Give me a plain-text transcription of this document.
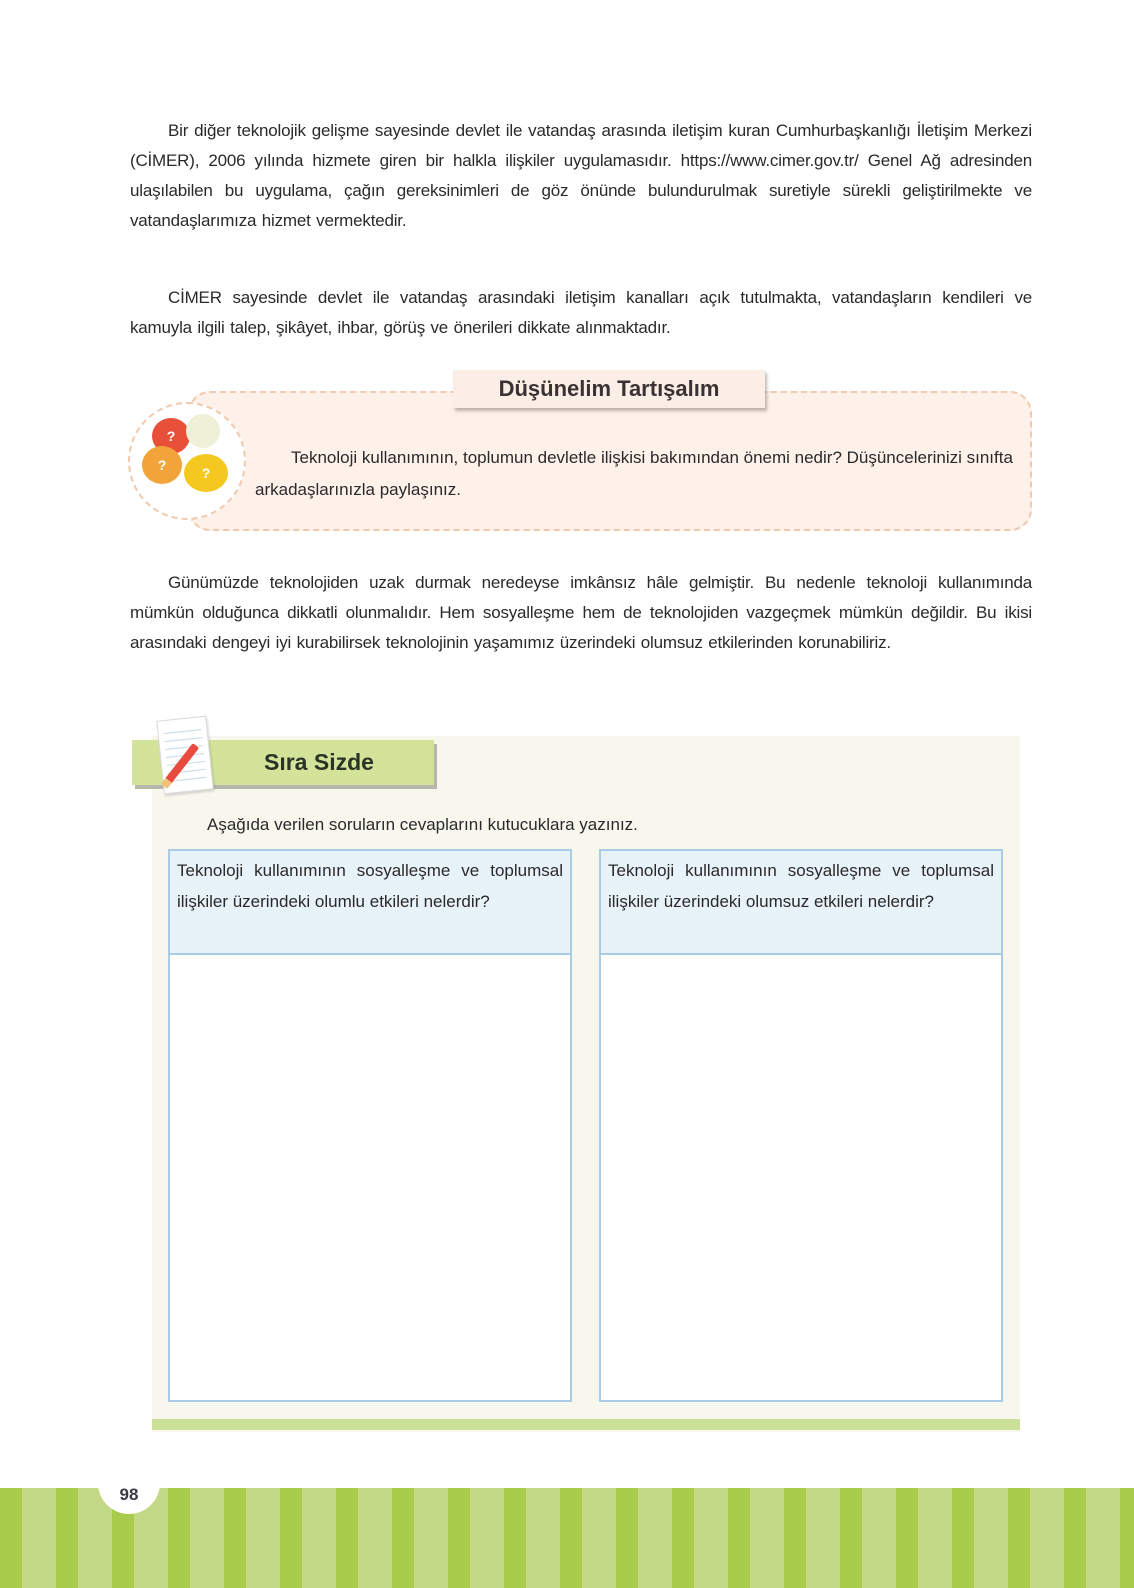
Bir diğer teknolojik gelişme sayesinde devlet ile vatandaş arasında iletişim kuran Cumhurbaşkanlığı İletişim Merkezi (CİMER), 2006 yılında hizmete giren bir halkla ilişkiler uygulamasıdır. https://www.cimer.gov.tr/ Genel Ağ adresinden ulaşılabilen bu uygulama, çağın gereksinimleri de göz önünde bulundurulmak suretiyle sürekli geliştirilmekte ve vatandaşlarımıza hizmet vermektedir.

CİMER sayesinde devlet ile vatandaş arasındaki iletişim kanalları açık tutulmakta, vatandaşların kendileri ve kamuyla ilgili talep, şikâyet, ihbar, görüş ve önerileri dikkate alınmaktadır.

Düşünelim Tartışalım
?
?	?

Teknoloji kullanımının, toplumun devletle ilişkisi bakımından önemi nedir? Düşüncelerinizi sınıfta arkadaşlarınızla paylaşınız.

Günümüzde teknolojiden uzak durmak neredeyse imkânsız hâle gelmiştir. Bu nedenle teknoloji kullanımında mümkün olduğunca dikkatli olunmalıdır. Hem sosyalleşme hem de teknolojiden vazgeçmek mümkün değildir. Bu ikisi arasındaki dengeyi iyi kurabilirsek teknolojinin yaşamımız üzerindeki olumsuz etkilerinden korunabiliriz.

Sıra Sizde
Aşağıda verilen soruların cevaplarını kutucuklara yazınız.
Teknoloji kullanımının sosyalleşme ve toplumsal ilişkiler üzerindeki olumlu etkileri nelerdir?
Teknoloji kullanımının sosyalleşme ve toplumsal ilişkiler üzerindeki olumsuz etkileri nelerdir?
98
